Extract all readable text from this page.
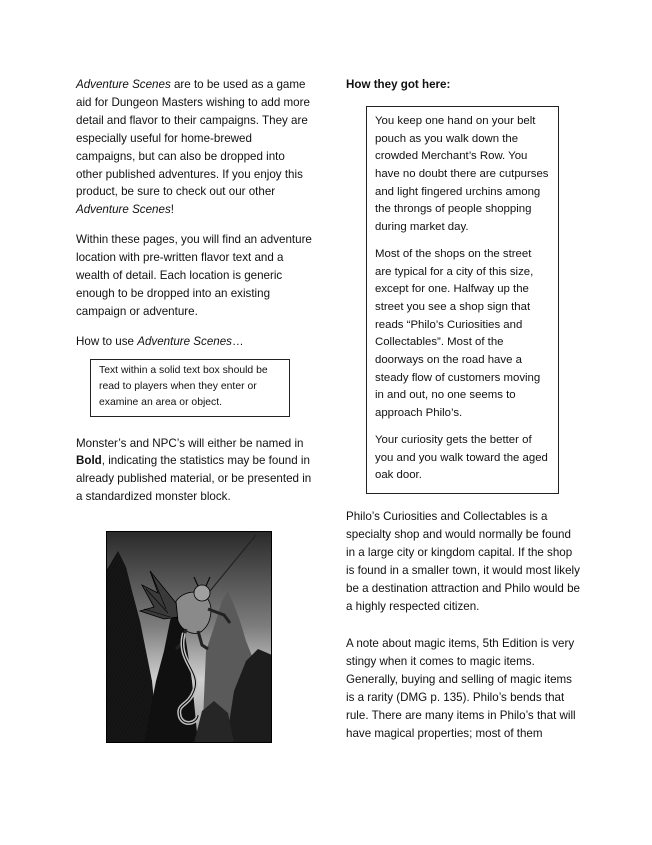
Adventure Scenes are to be used as a game aid for Dungeon Masters wishing to add more detail and flavor to their campaigns. They are especially useful for home-brewed campaigns, but can also be dropped into other published adventures. If you enjoy this product, be sure to check out our other Adventure Scenes!

Within these pages, you will find an adventure location with pre-written flavor text and a wealth of detail. Each location is generic enough to be dropped into an existing campaign or adventure.

How to use Adventure Scenes…

Text within a solid text box should be read to players when they enter or examine an area or object.

Monster’s and NPC’s will either be named in Bold, indicating the statistics may be found in already published material, or be presented in a standardized monster block.

How they got here:

You keep one hand on your belt pouch as you walk down the crowded Merchant’s Row. You have no doubt there are cutpurses and light fingered urchins among the throngs of people shopping during market day.

Most of the shops on the street are typical for a city of this size, except for one. Halfway up the street you see a shop sign that reads “Philo’s Curiosities and Collectables”. Most of the doorways on the road have a steady flow of customers moving in and out, no one seems to approach Philo’s.

Your curiosity gets the better of you and you walk toward the aged oak door.

Philo’s Curiosities and Collectables is a specialty shop and would normally be found in a large city or kingdom capital. If the shop is found in a smaller town, it would most likely be a destination attraction and Philo would be a highly respected citizen.

A note about magic items, 5th Edition is very stingy when it comes to magic items. Generally, buying and selling of magic items is a rarity (DMG p. 135). Philo’s bends that rule. There are many items in Philo’s that will have magical properties; most of them
